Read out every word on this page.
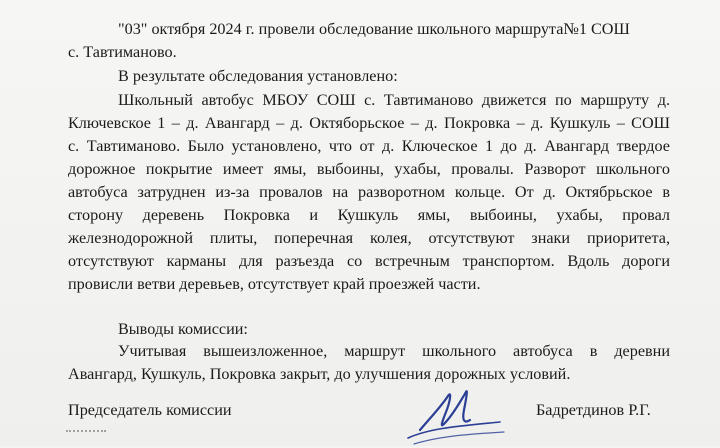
"03" октября 2024 г. провели обследование школьного маршрута№1 СОШ
с. Тавтиманово.
В результате обследования установлено:
Школьный автобус МБОУ СОШ с. Тавтиманово движется по маршруту д.
Ключевское 1 – д. Авангард – д. Октяборьское – д. Покровка – д. Кушкуль – СОШ
с. Тавтиманово. Было установлено, что от д. Ключеское 1 до д. Авангард твердое
дорожное покрытие имеет ямы, выбоины, ухабы, провалы. Разворот школьного
автобуса затруднен из-за провалов на разворотном кольце. От д. Октябрьское в
сторону деревень Покровка и Кушкуль ямы, выбоины, ухабы, провал
железнодорожной плиты, поперечная колея, отсутствуют знаки приоритета,
отсутствуют карманы для разъезда со встречным транспортом. Вдоль дороги
провисли ветви деревьев, отсутствует край проезжей части.
Выводы комиссии:
Учитывая вышеизложенное, маршрут школьного автобуса в деревни
Авангард, Кушкуль, Покровка закрыт, до улучшения дорожных условий.
Председатель комиссии	Бадретдинов Р.Г.
